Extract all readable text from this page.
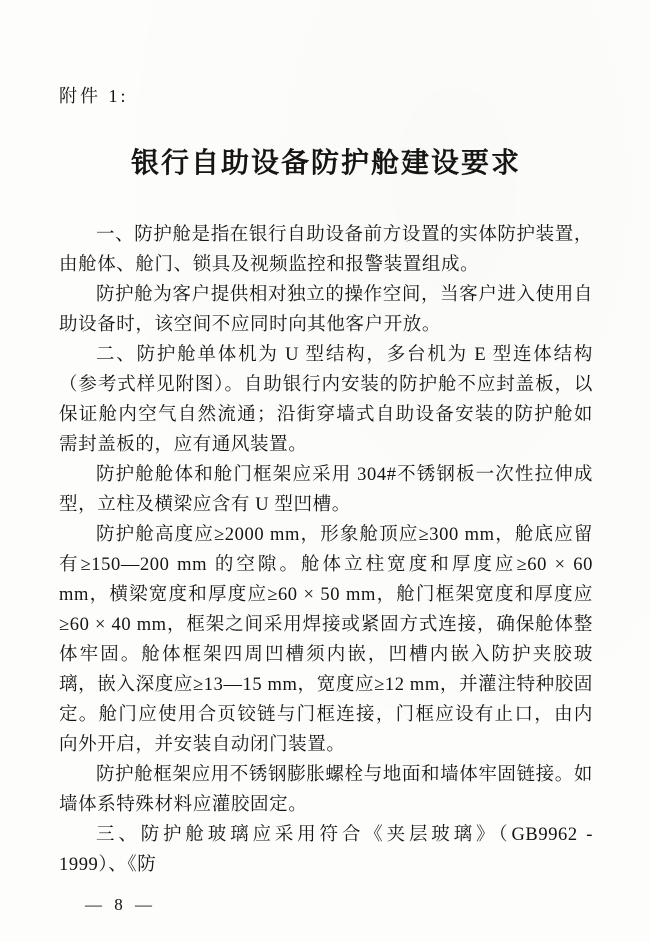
附件 1:
银行自助设备防护舱建设要求

一、防护舱是指在银行自助设备前方设置的实体防护装置，由舱体、舱门、锁具及视频监控和报警装置组成。

防护舱为客户提供相对独立的操作空间，当客户进入使用自助设备时，该空间不应同时向其他客户开放。

二、防护舱单体机为 U 型结构，多台机为 E 型连体结构（参考式样见附图）。自助银行内安装的防护舱不应封盖板，以保证舱内空气自然流通；沿街穿墙式自助设备安装的防护舱如需封盖板的，应有通风装置。

防护舱舱体和舱门框架应采用 304#不锈钢板一次性拉伸成型，立柱及横梁应含有 U 型凹槽。

防护舱高度应≥2000 mm，形象舱顶应≥300 mm，舱底应留有≥150—200 mm 的空隙。舱体立柱宽度和厚度应≥60 × 60 mm，横梁宽度和厚度应≥60 × 50 mm，舱门框架宽度和厚度应≥60 × 40 mm，框架之间采用焊接或紧固方式连接，确保舱体整体牢固。舱体框架四周凹槽须内嵌，凹槽内嵌入防护夹胶玻璃，嵌入深度应≥13—15 mm，宽度应≥12 mm，并灌注特种胶固定。舱门应使用合页铰链与门框连接，门框应设有止口，由内向外开启，并安装自动闭门装置。

防护舱框架应用不锈钢膨胀螺栓与地面和墙体牢固链接。如墙体系特殊材料应灌胶固定。

三、防护舱玻璃应采用符合《夹层玻璃》（GB9962 - 1999）、《防

— 8 —
